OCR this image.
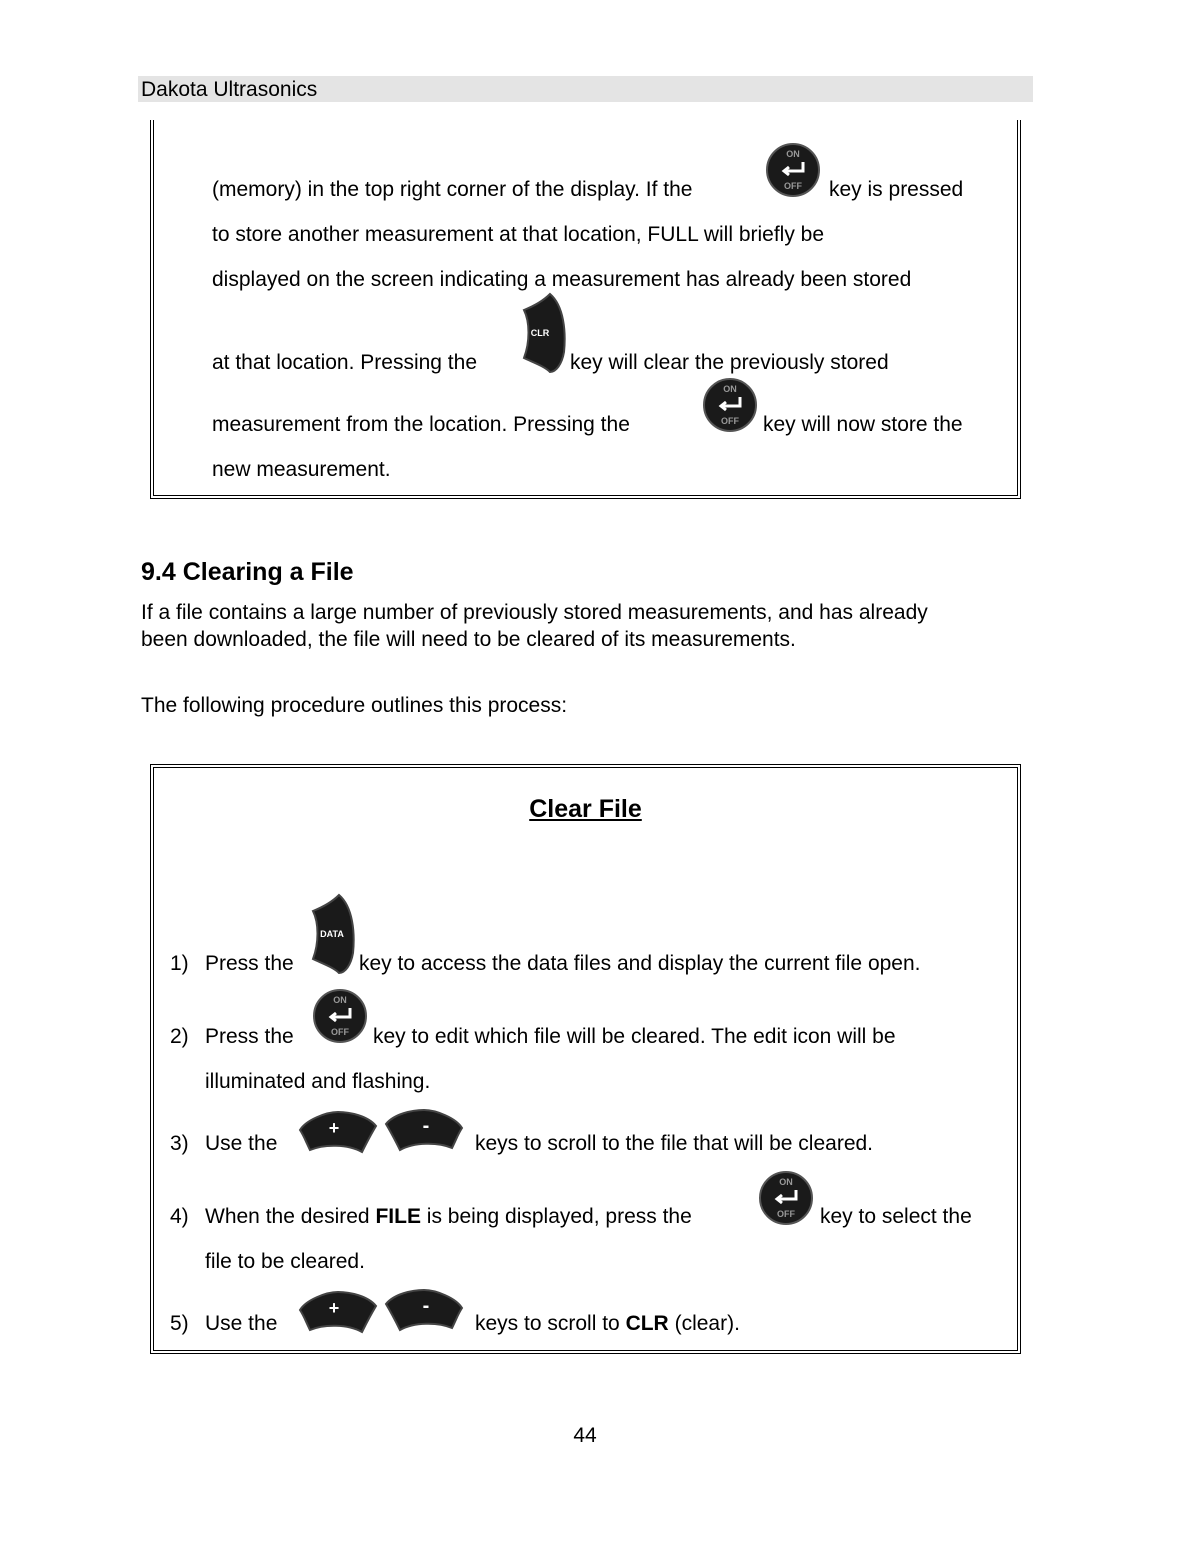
Dakota Ultrasonics
(memory) in the top right corner of the display. If the
ON
OFF key is pressed
to store another measurement at that location, FULL will briefly be
displayed on the screen indicating a measurement has already been stored
at that location. Pressing the
CLR
key will clear the previously stored
measurement from the location. Pressing the
ON
OFF key will now store the
new measurement.
9.4 Clearing a File
If a file contains a large number of previously stored measurements, and has already
been downloaded, the file will need to be cleared of its measurements.
The following procedure outlines this process:
Clear File
1) Press the
DATA
key to access the data files and display the current file open.
2) Press the
ON
OFF key to edit which file will be cleared. The edit icon will be
illuminated and flashing.
3) Use the
+	-
keys to scroll to the file that will be cleared.
4) When the desired FILE is being displayed, press the
ON
OFF key to select the
file to be cleared.
5) Use the
+	-
keys to scroll to CLR (clear).
44
